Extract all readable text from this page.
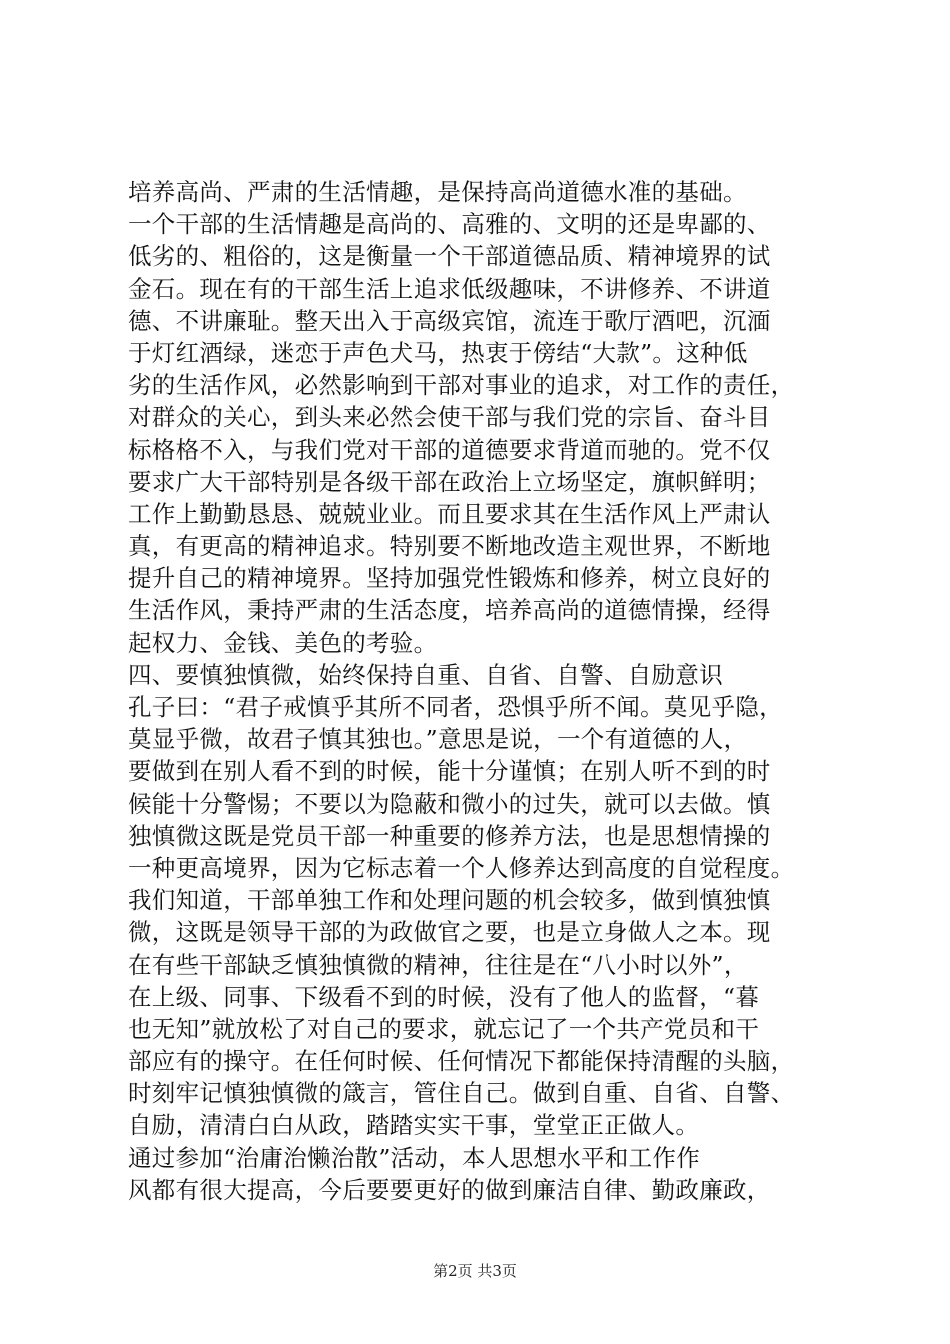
培养高尚、严肃的生活情趣，是保持高尚道德水准的基础。
一个干部的生活情趣是高尚的、高雅的、文明的还是卑鄙的、
低劣的、粗俗的，这是衡量一个干部道德品质、精神境界的试
金石。现在有的干部生活上追求低级趣味，不讲修养、不讲道
德、不讲廉耻。整天出入于高级宾馆，流连于歌厅酒吧，沉湎
于灯红酒绿，迷恋于声色犬马，热衷于傍结“大款”。这种低
劣的生活作风，必然影响到干部对事业的追求，对工作的责任，
对群众的关心，到头来必然会使干部与我们党的宗旨、奋斗目
标格格不入，与我们党对干部的道德要求背道而驰的。党不仅
要求广大干部特别是各级干部在政治上立场坚定，旗帜鲜明；
工作上勤勤恳恳、兢兢业业。而且要求其在生活作风上严肃认
真，有更高的精神追求。特别要不断地改造主观世界，不断地
提升自己的精神境界。坚持加强党性锻炼和修养，树立良好的
生活作风，秉持严肃的生活态度，培养高尚的道德情操，经得
起权力、金钱、美色的考验。
四、要慎独慎微，始终保持自重、自省、自警、自励意识
孔子曰：“君子戒慎乎其所不同者，恐惧乎所不闻。莫见乎隐，
莫显乎微，故君子慎其独也。”意思是说，一个有道德的人，
要做到在别人看不到的时候，能十分谨慎；在别人听不到的时
候能十分警惕；不要以为隐蔽和微小的过失，就可以去做。慎
独慎微这既是党员干部一种重要的修养方法，也是思想情操的
一种更高境界，因为它标志着一个人修养达到高度的自觉程度。
我们知道，干部单独工作和处理问题的机会较多，做到慎独慎
微，这既是领导干部的为政做官之要，也是立身做人之本。现
在有些干部缺乏慎独慎微的精神，往往是在“八小时以外”，
在上级、同事、下级看不到的时候，没有了他人的监督，“暮
也无知”就放松了对自己的要求，就忘记了一个共产党员和干
部应有的操守。在任何时候、任何情况下都能保持清醒的头脑，
时刻牢记慎独慎微的箴言，管住自己。做到自重、自省、自警、
自励，清清白白从政，踏踏实实干事，堂堂正正做人。
通过参加“治庸治懒治散”活动，本人思想水平和工作作
风都有很大提高，今后要要更好的做到廉洁自律、勤政廉政，
第2页 共3页
